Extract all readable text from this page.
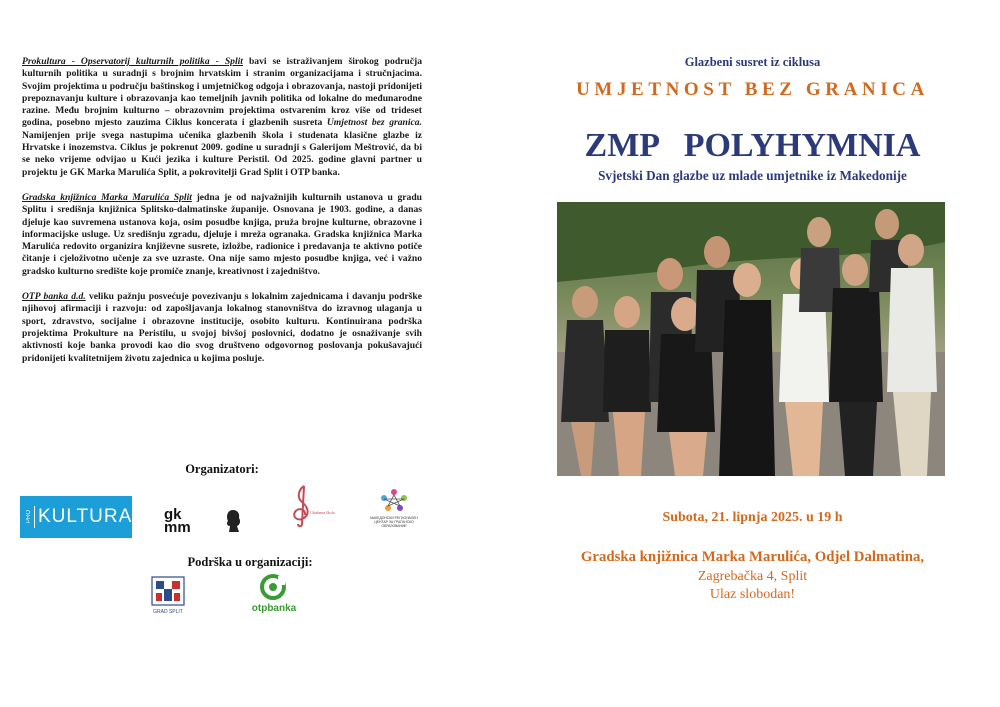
Prokultura - Opservatorij kulturnih politika - Split bavi se istraživanjem širokog područja kulturnih politika u suradnji s brojnim hrvatskim i stranim organizacijama i stručnjacima. Svojim projektima u području baštinskog i umjetničkog odgoja i obrazovanja, nastoji pridonijeti prepoznavanju kulture i obrazovanja kao temeljnih javnih politika od lokalne do međunarodne razine. Među brojnim kulturno – obrazovnim projektima ostvarenim kroz više od trideset godina, posebno mjesto zauzima Ciklus koncerata i glazbenih susreta Umjetnost bez granica. Namijenjen prije svega nastupima učenika glazbenih škola i studenata klasične glazbe iz Hrvatske i inozemstva. Ciklus je pokrenut 2009. godine u suradnji s Galerijom Meštrović, da bi se neko vrijeme odvijao u Kući jezika i kulture Peristil. Od 2025. godine glavni partner u projektu je GK Marka Marulića Split, a pokrovitelji Grad Split i OTP banka.

Gradska knjižnica Marka Marulića Split jedna je od najvažnijih kulturnih ustanova u gradu Splitu i središnja knjižnica Splitsko-dalmatinske županije. Osnovana je 1903. godine, a danas djeluje kao suvremena ustanova koja, osim posudbe knjiga, pruža brojne kulturne, obrazovne i informacijske usluge. Uz središnju zgradu, djeluje i mreža ogranaka. Gradska knjižnica Marka Marulića redovito organizira književne susrete, izložbe, radionice i predavanja te aktivno potiče čitanje i cjeloživotno učenje za sve uzraste. Ona nije samo mjesto posudbe knjiga, već i važno gradsko kulturno središte koje promiče znanje, kreativnost i zajedništvo.

OTP banka d.d. veliku pažnju posvećuje povezivanju s lokalnim zajednicama i davanju podrške njihovoj afirmaciji i razvoju: od zapošljavanja lokalnog stanovništva do izravnog ulaganja u sport, zdravstvo, socijalne i obrazovne institucije, osobito kulturu. Kontinuirana podrška projektima Prokulture na Peristilu, u svojoj bivšoj poslovnici, dodatno je osnaživanje svih aktivnosti koje banka provodi kao dio svog društveno odgovornog poslovanja pokušavajući pridonijeti kvalitetnijem životu zajednica u kojima posluje.

Organizatori:
PRO KULTURA gk mm
Glazbena škola
МАКЕДОНСКИ РЕГИОНАЛЕН ЦЕНТАР ЗА ГРАЃАНСКО ОБРАЗОВАНИЕ
Podrška u organizaciji:
GRAD SPLIT	otpbanka
Glazbeni susret iz ciklusa
UMJETNOST BEZ GRANICA
ZMP   POLYHYMNIA
Svjetski Dan glazbe uz mlade umjetnike iz Makedonije
Subota, 21. lipnja 2025. u 19 h
Gradska knjižnica Marka Marulića, Odjel Dalmatina,
Zagrebačka 4, Split
Ulaz slobodan!
